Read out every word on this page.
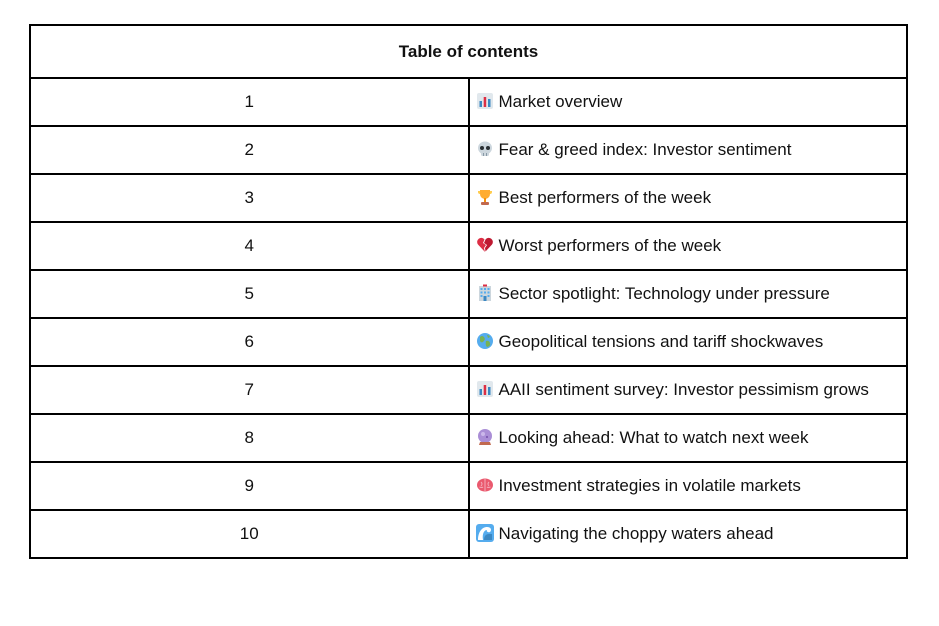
Table of contents	
1	Market overview
2	Fear & greed index: Investor sentiment
3	Best performers of the week
4	Worst performers of the week
5	Sector spotlight: Technology under pressure
6	Geopolitical tensions and tariff shockwaves
7	AAII sentiment survey: Investor pessimism grows
8	Looking ahead: What to watch next week
9	Investment strategies in volatile markets
10	Navigating the choppy waters ahead
